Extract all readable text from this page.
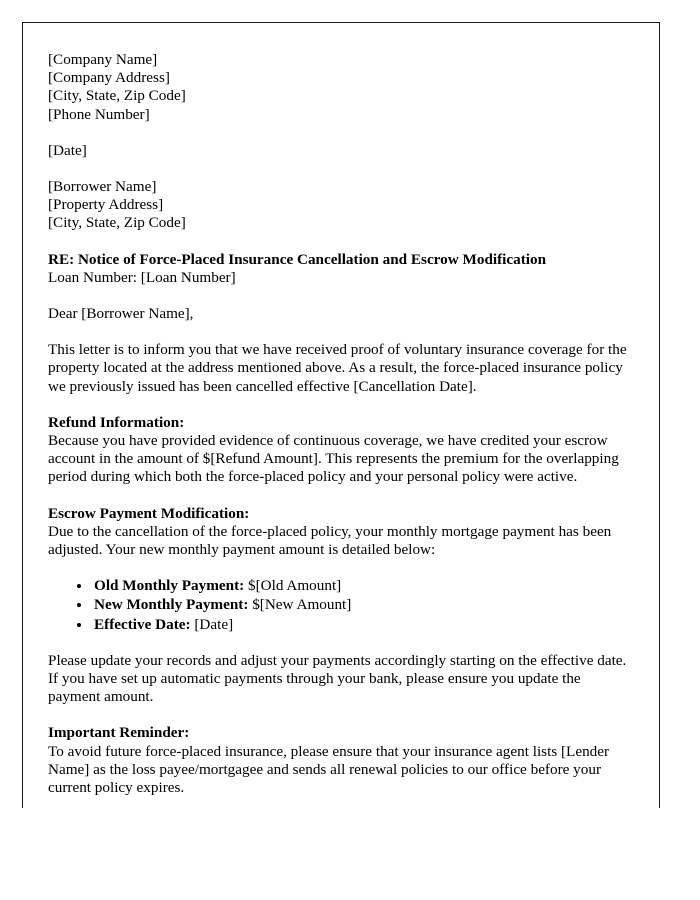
[Company Name]
[Company Address]
[City, State, Zip Code]
[Phone Number]
[Date]
[Borrower Name]
[Property Address]
[City, State, Zip Code]
RE: Notice of Force-Placed Insurance Cancellation and Escrow Modification
Loan Number: [Loan Number]
Dear [Borrower Name],

This letter is to inform you that we have received proof of voluntary insurance coverage for the property located at the address mentioned above. As a result, the force-placed insurance policy we previously issued has been cancelled effective [Cancellation Date].

Refund Information:

Because you have provided evidence of continuous coverage, we have credited your escrow account in the amount of $[Refund Amount]. This represents the premium for the overlapping period during which both the force-placed policy and your personal policy were active.

Escrow Payment Modification:
Due to the cancellation of the force-placed policy, your monthly mortgage payment has been adjusted. Your new monthly payment amount is detailed below:
• Old Monthly Payment: $[Old Amount]
• New Monthly Payment: $[New Amount]
• Effective Date: [Date]

Please update your records and adjust your payments accordingly starting on the effective date. If you have set up automatic payments through your bank, please ensure you update the payment amount.

Important Reminder:

To avoid future force-placed insurance, please ensure that your insurance agent lists [Lender Name] as the loss payee/mortgagee and sends all renewal policies to our office before your current policy expires.
